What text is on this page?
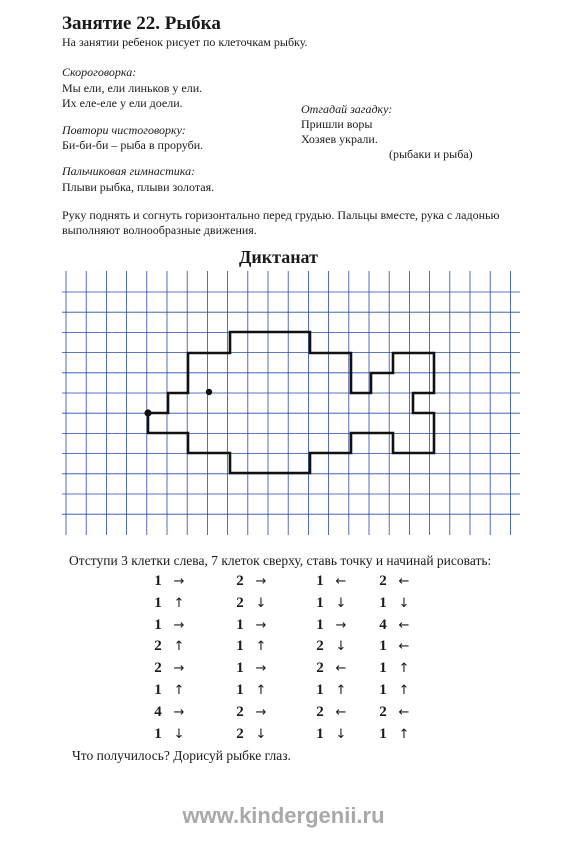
Занятие 22. Рыбка
На занятии ребенок рисует по клеточкам рыбку.
Скороговорка:
Мы ели, ели линьков у ели.
Их еле-еле у ели доели.	Отгадай загадку:
Пришли воры
Хозяев украли.
(рыбаки и рыба)
Повтори чистоговорку:
Би-би-би – рыба в проруби.
Пальчиковая гимнастика:
Плыви рыбка, плыви золотая.
Руку поднять и согнуть горизонтально перед грудью. Пальцы вместе, рука с ладонью
выполняют волнообразные движения.
Диктанат
Отступи 3 клетки слева, 7 клеток сверху, ставь точку и начинай рисовать:
1 →
1 ↑
1 →
2 ↑
2 →
1 ↑
4 →
1 ↓
2 →
2 ↓
1 →
1 ↑
1 →
1 ↑
2 →
2 ↓
1 ←
1 ↓
1 →
2 ↓
2 ←
1 ↑
2 ←
1 ↓
2 ←
1 ↓
4 ←
1 ←
1 ↑
1 ↑
2 ←
1 ↑
Что получилось? Дорисуй рыбке глаз.
www.kindergenii.ru
